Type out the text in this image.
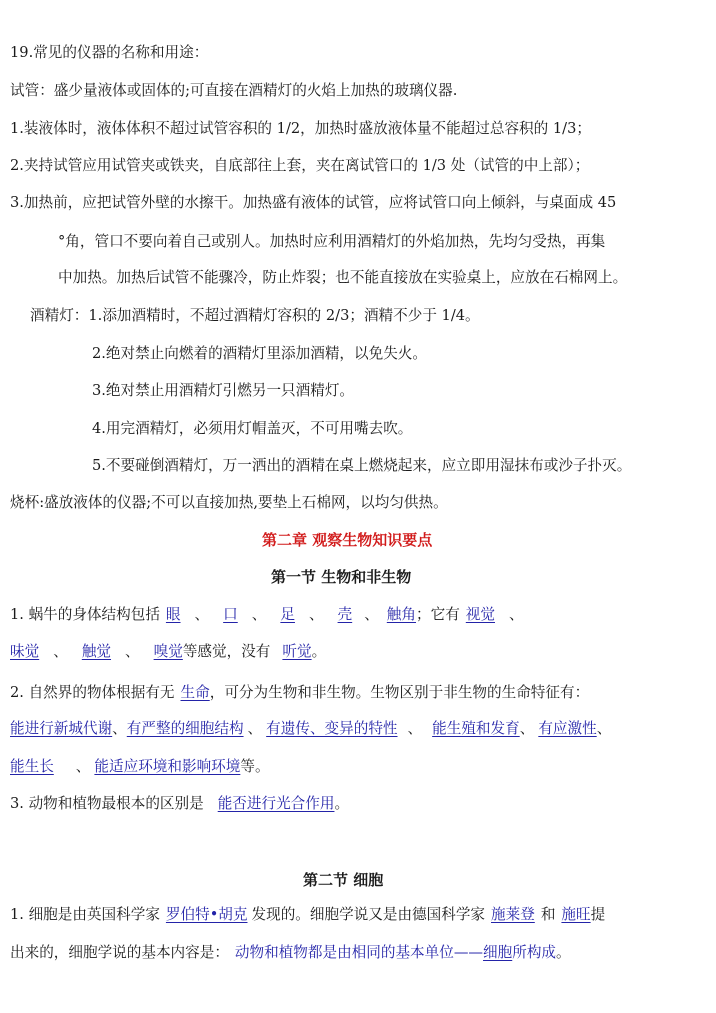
19.常见的仪器的名称和用途：
试管：盛少量液体或固体的;可直接在酒精灯的火焰上加热的玻璃仪器.
1.装液体时，液体体积不超过试管容积的 1/2，加热时盛放液体量不能超过总容积的 1/3；
2.夹持试管应用试管夹或铁夹，自底部往上套，夹在离试管口的 1/3 处（试管的中上部）；
3.加热前，应把试管外壁的水擦干。加热盛有液体的试管，应将试管口向上倾斜，与桌面成 45
°角，管口不要向着自己或别人。加热时应利用酒精灯的外焰加热，先均匀受热，再集
中加热。加热后试管不能骤冷，防止炸裂；也不能直接放在实验桌上，应放在石棉网上。
酒精灯：1.添加酒精时，不超过酒精灯容积的 2/3；酒精不少于 1/4。
2.绝对禁止向燃着的酒精灯里添加酒精，以免失火。
3.绝对禁止用酒精灯引燃另一只酒精灯。
4.用完酒精灯，必须用灯帽盖灭，不可用嘴去吹。
5.不要碰倒酒精灯，万一洒出的酒精在桌上燃烧起来，应立即用湿抹布或沙子扑灭。
烧杯:盛放液体的仪器;不可以直接加热,要垫上石棉网，以均匀供热。
第二章 观察生物知识要点
第一节 生物和非生物
1. 蜗牛的身体结构包括 眼 、 口 、 足 、 壳 、 触角；它有 视觉 、
味觉 、 触觉 、 嗅觉等感觉，没有 听觉。
2. 自然界的物体根据有无 生命，可分为生物和非生物。生物区别于非生物的生命特征有：
能进行新城代谢、有严整的细胞结构 、 有遗传、变异的特性 、 能生殖和发育、 有应激性、
能生长 、 能适应环境和影响环境等。
3. 动物和植物最根本的区别是 能否进行光合作用。
第二节 细胞
1. 细胞是由英国科学家 罗伯特•胡克 发现的。细胞学说又是由德国科学家 施莱登 和 施旺提
出来的，细胞学说的基本内容是： 动物和植物都是由相同的基本单位——细胞所构成。
